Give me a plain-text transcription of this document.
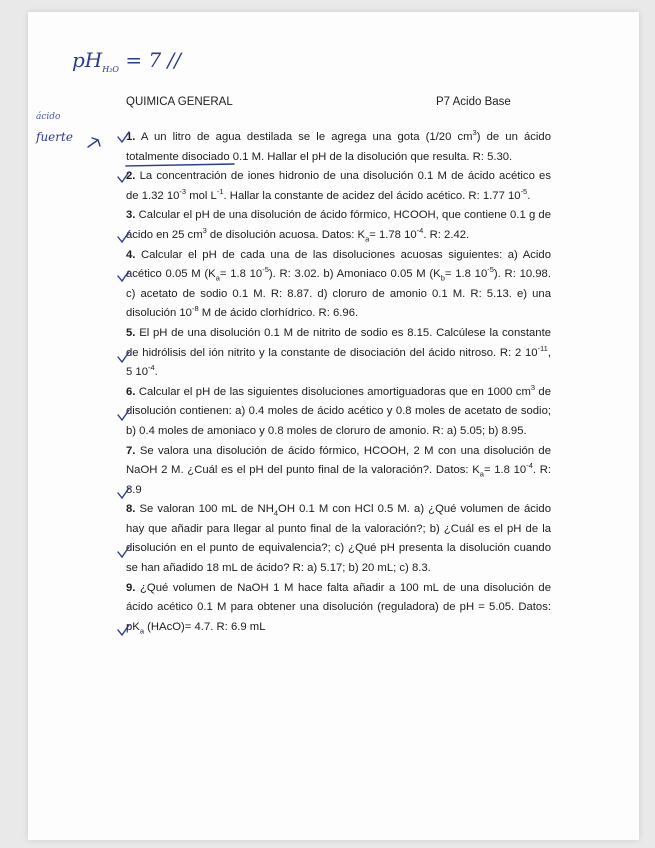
$pH_{H_2O} = 7$ //
ácido
fuerte
QUIMICA GENERAL	P7 Acido Base

1. A un litro de agua destilada se le agrega una gota (1/20 $cm^3$) de un ácido totalmente disociado 0.1 M. Hallar el pH de la disolución que resulta. R: 5.30.

2. La concentración de iones hidronio de una disolución 0.1 M de ácido acético es de 1.32 $10^{-3}$ mol $L^{-1}$. Hallar la constante de acidez del ácido acético. R: 1.77 $10^{-5}$.

3. Calcular el pH de una disolución de ácido fórmico, HCOOH, que contiene 0.1 g de ácido en 25 $cm^3$ de disolución acuosa. Datos: $K_a= 1.78$ $10^{-4}$. R: 2.42.

4. Calcular el pH de cada una de las disoluciones acuosas siguientes: a) Acido acético 0.05 M ($K_a= 1.8$ $10^{-5}$). R: 3.02. b) Amoniaco 0.05 M ($K_b= 1.8$ $10^{-5}$). R: 10.98. c) acetato de sodio 0.1 M. R: 8.87. d) cloruro de amonio 0.1 M. R: 5.13. e) una disolución $10^{-8}$ M de ácido clorhídrico. R: 6.96.

5. El pH de una disolución 0.1 M de nitrito de sodio es 8.15. Calcúlese la constante de hidrólisis del ión nitrito y la constante de disociación del ácido nitroso. R: 2 $10^{-11}$, 5 $10^{-4}$.

6. Calcular el pH de las siguientes disoluciones amortiguadoras que en 1000 $cm^3$ de disolución contienen: a) 0.4 moles de ácido acético y 0.8 moles de acetato de sodio; b) 0.4 moles de amoniaco y 0.8 moles de cloruro de amonio. R: a) 5.05; b) 8.95.

7. Se valora una disolución de ácido fórmico, HCOOH, 2 M con una disolución de NaOH 2 M. ¿Cuál es el pH del punto final de la valoración?. Datos: $K_a= 1.8$ $10^{-4}$. R: 8.9

8. Se valoran 100 mL de $NH_4OH$ 0.1 M con HCl 0.5 M. a) ¿Qué volumen de ácido hay que añadir para llegar al punto final de la valoración?; b) ¿Cuál es el pH de la disolución en el punto de equivalencia?; c) ¿Qué pH presenta la disolución cuando se han añadido 18 mL de ácido? R: a) 5.17; b) 20 mL; c) 8.3.

9. ¿Qué volumen de NaOH 1 M hace falta añadir a 100 mL de una disolución de ácido acético 0.1 M para obtener una disolución (reguladora) de pH = 5.05. Datos: $pK_a$ (HAcO)= 4.7. R: 6.9 mL
